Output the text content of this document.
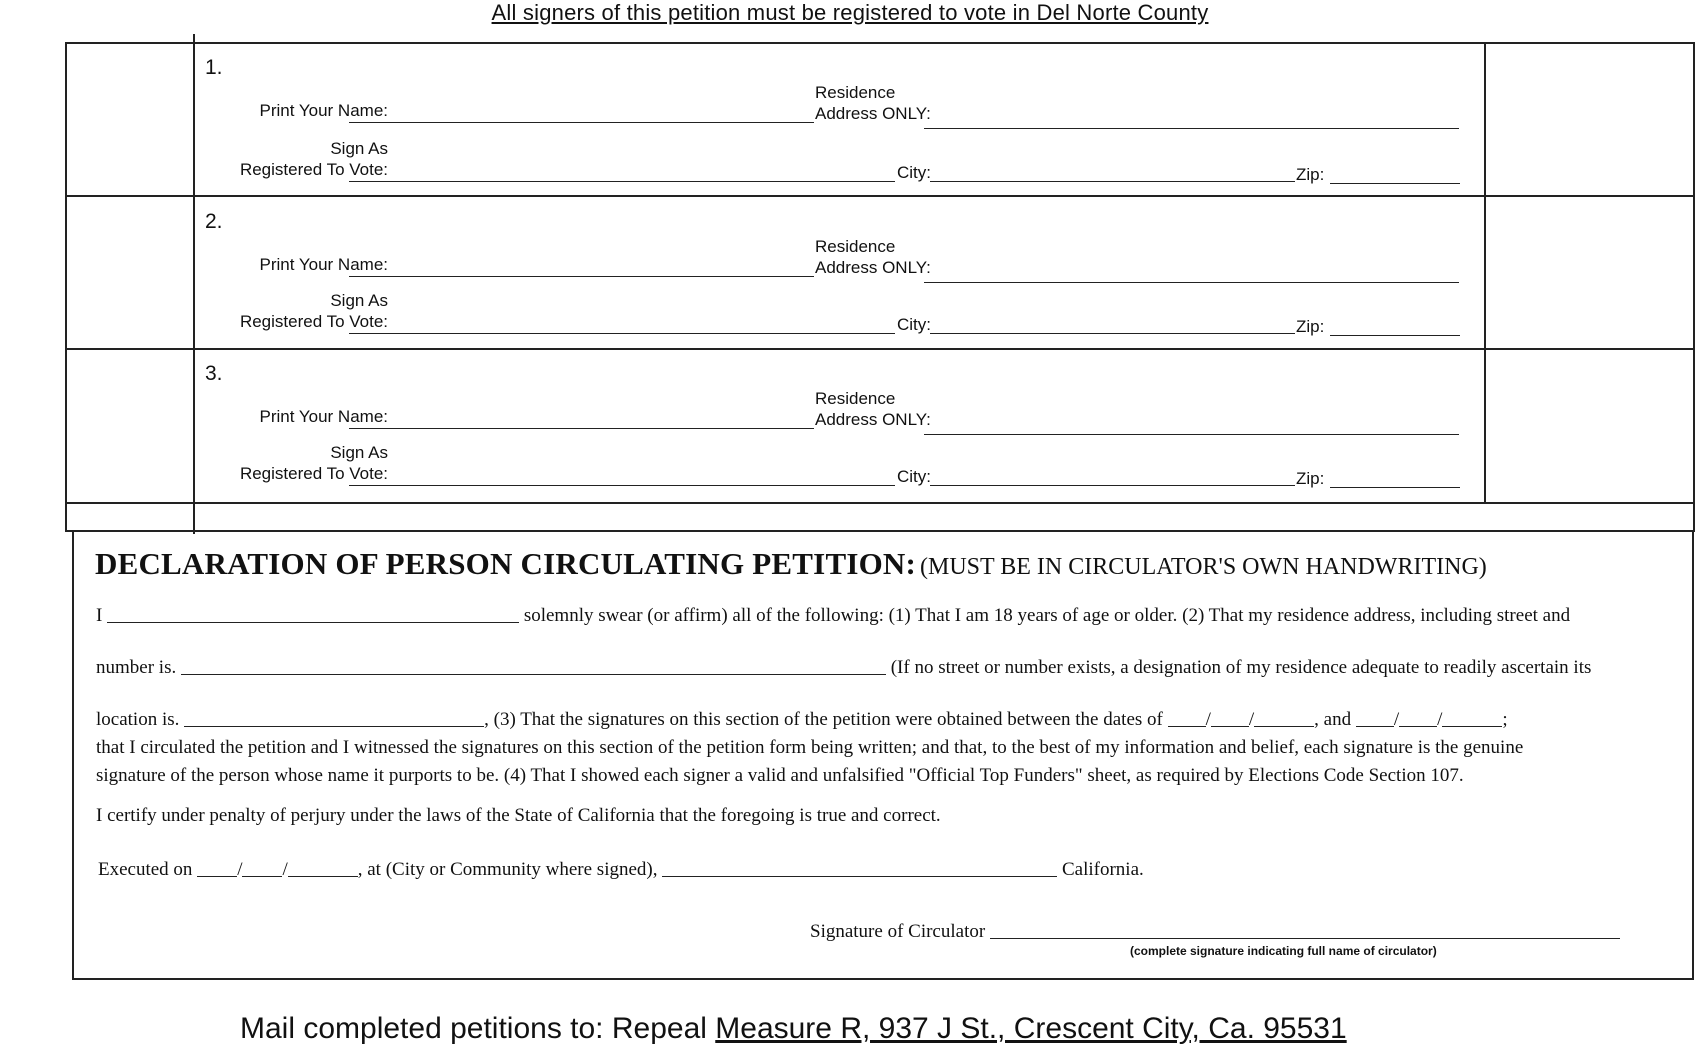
All signers of this petition must be registered to vote in Del Norte County
1.
Print Your Name:
Residence
Address ONLY:
Sign As
Registered To Vote:	City:	Zip:
2.
Print Your Name:
Residence
Address ONLY:
Sign As
Registered To Vote:	City:	Zip:
3.
Print Your Name:
Residence
Address ONLY:
Sign As
Registered To Vote:	City:	Zip:
DECLARATION OF PERSON CIRCULATING PETITION: (MUST BE IN CIRCULATOR'S OWN HANDWRITING)
I	solemnly swear (or affirm) all of the following: (1) That I am 18 years of age or older. (2) That my residence address, including street and
number is.	(If no street or number exists, a designation of my residence adequate to readily ascertain its
location is.	, (3) That the signatures on this section of the petition were obtained between the dates of / /	, and / /	;
that I circulated the petition and I witnessed the signatures on this section of the petition form being written; and that, to the best of my information and belief, each signature is the genuine
signature of the person whose name it purports to be. (4) That I showed each signer a valid and unfalsified "Official Top Funders" sheet, as required by Elections Code Section 107.
I certify under penalty of perjury under the laws of the State of California that the foregoing is true and correct.
Executed on / /	, at (City or Community where signed),	California.
Signature of Circulator
(complete signature indicating full name of circulator)
Mail completed petitions to: Repeal Measure R, 937 J St., Crescent City, Ca. 95531
